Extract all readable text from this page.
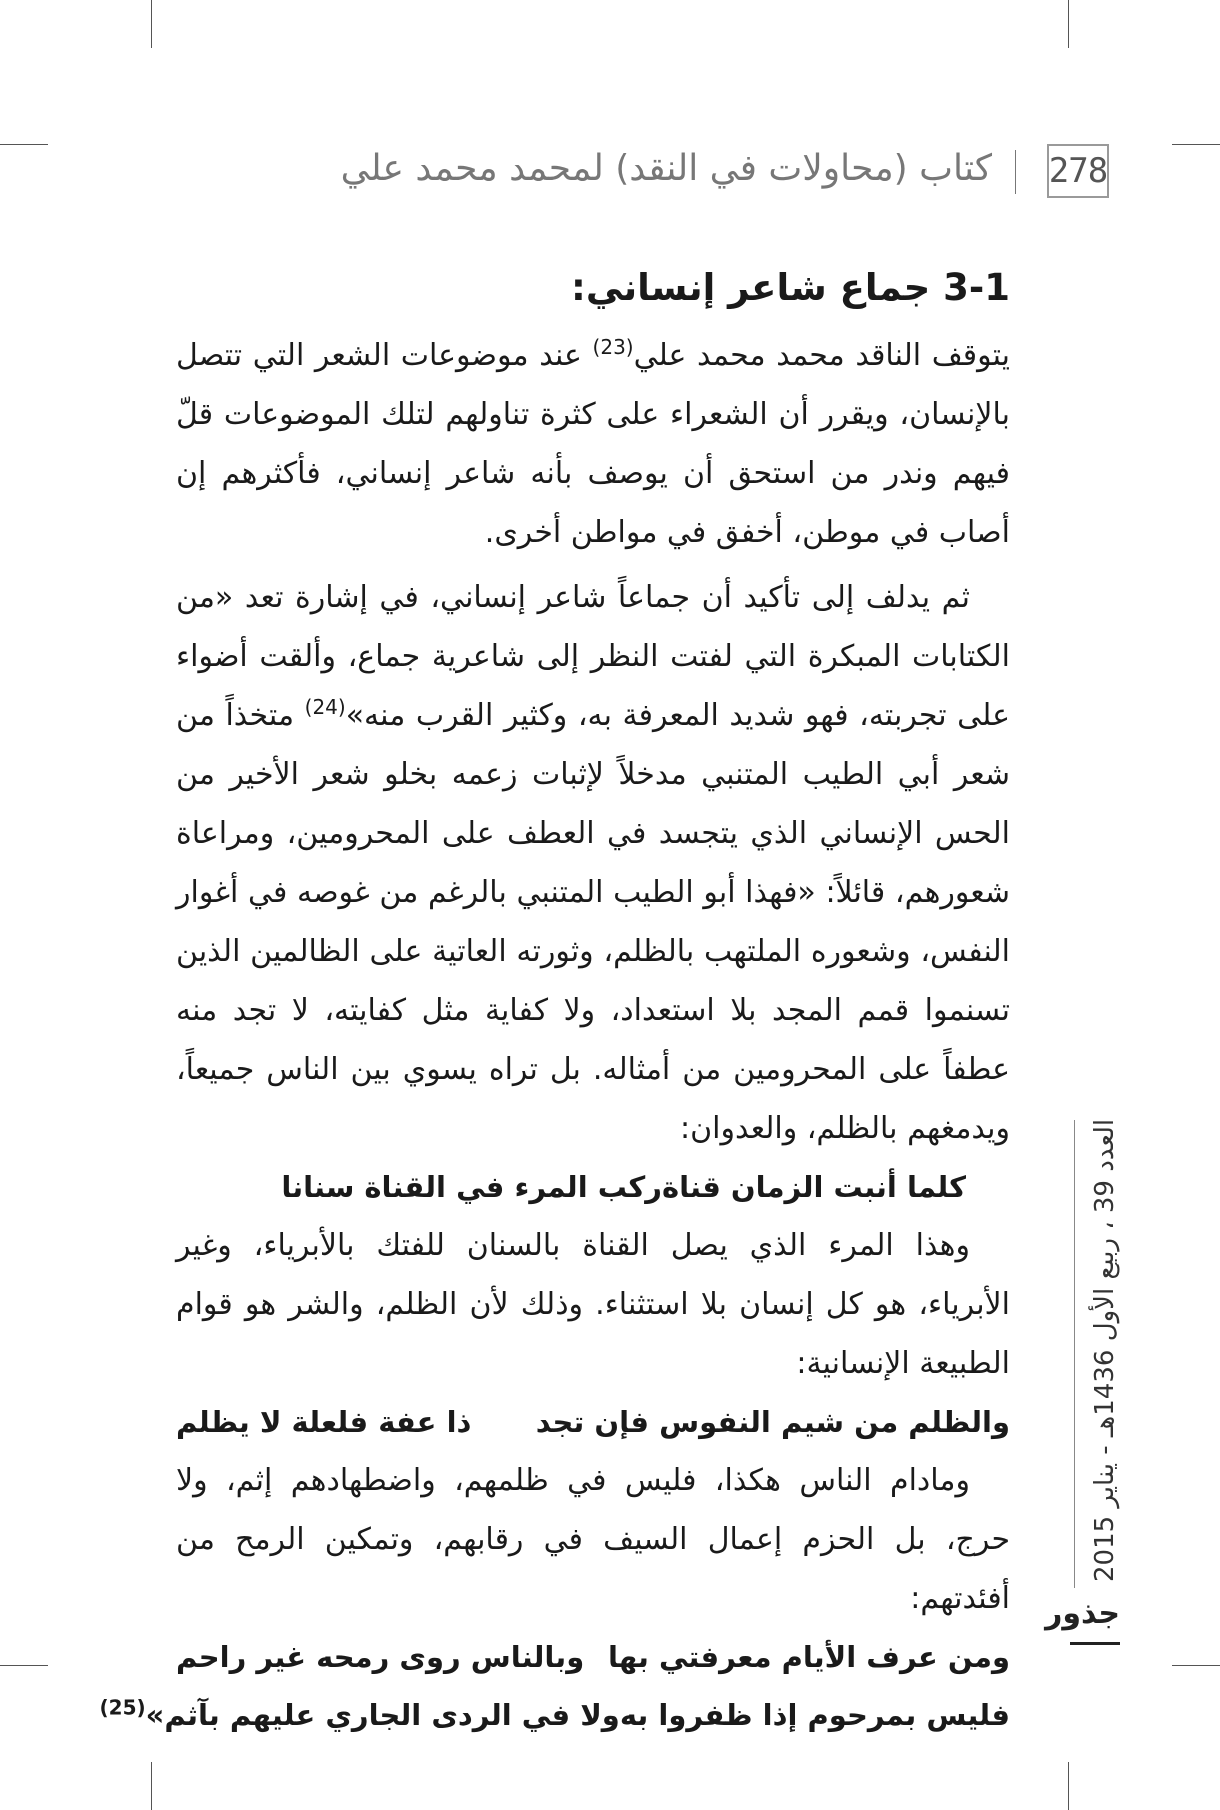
278
كتاب (محاولات في النقد) لمحمد محمد علي
3-1 جماع شاعر إنساني:

يتوقف الناقد محمد محمد علي$^{(23)}$ عند موضوعات الشعر التي تتصل بالإنسان، ويقرر أن الشعراء على كثرة تناولهم لتلك الموضوعات قلّ فيهم وندر من استحق أن يوصف بأنه شاعر إنساني، فأكثرهم إن أصاب في موطن، أخفق في مواطن أخرى.

ثم يدلف إلى تأكيد أن جماعاً شاعر إنساني، في إشارة تعد «من الكتابات المبكرة التي لفتت النظر إلى شاعرية جماع، وألقت أضواء على تجربته، فهو شديد المعرفة به، وكثير القرب منه»$^{(24)}$ متخذاً من شعر أبي الطيب المتنبي مدخلاً لإثبات زعمه بخلو شعر الأخير من الحس الإنساني الذي يتجسد في العطف على المحرومين، ومراعاة شعورهم، قائلاً: «فهذا أبو الطيب المتنبي بالرغم من غوصه في أغوار النفس، وشعوره الملتهب بالظلم، وثورته العاتية على الظالمين الذين تسنموا قمم المجد بلا استعداد، ولا كفاية مثل كفايته، لا تجد منه عطفاً على المحرومين من أمثاله. بل تراه يسوي بين الناس جميعاً، ويدمغهم بالظلم، والعدوان:

كلما أنبت الزمان قناة
ركب المرء في القناة سنانا

وهذا المرء الذي يصل القناة بالسنان للفتك بالأبرياء، وغير الأبرياء، هو كل إنسان بلا استثناء. وذلك لأن الظلم، والشر هو قوام الطبيعة الإنسانية:

والظلم من شيم النفوس فإن تجد
ذا عفة فلعلة لا يظلم

ومادام الناس هكذا، فليس في ظلمهم، واضطهادهم إثم، ولا حرج، بل الحزم إعمال السيف في رقابهم، وتمكين الرمح من أفئدتهم:

ومن عرف الأيام معرفتي بها
وبالناس روى رمحه غير راحم
فليس بمرحوم إذا ظفروا به
ولا في الردى الجاري عليهم بآثم»$^{(25)}$
العدد 39 ، ربيع الأول 1436هـ - يناير 2015
جذور
